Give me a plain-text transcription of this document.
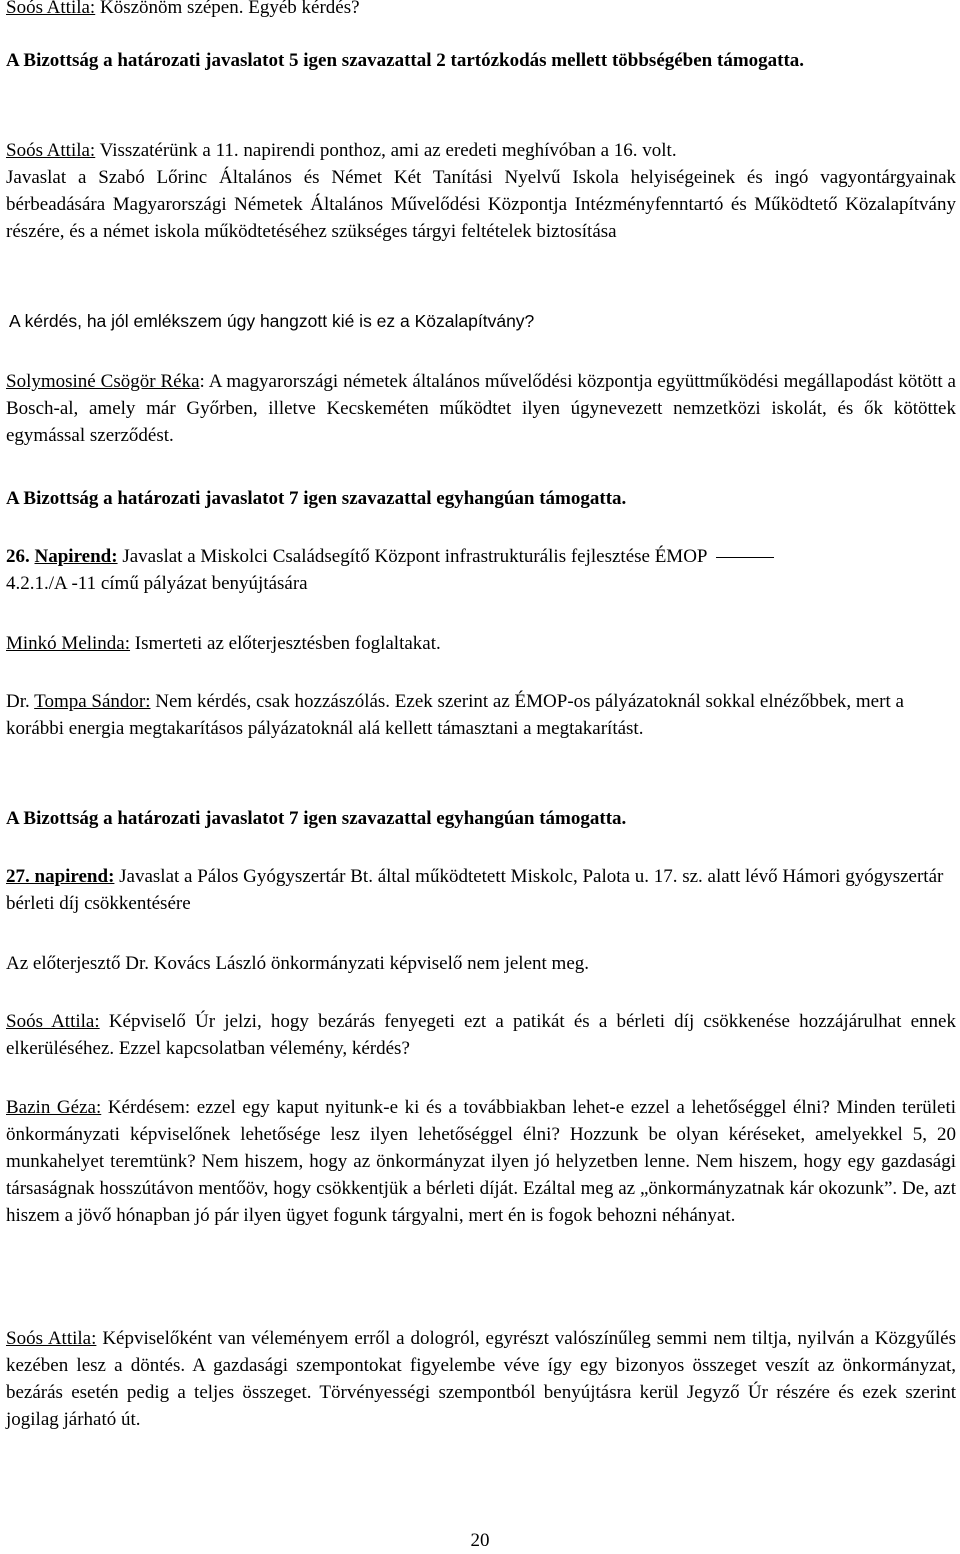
Soós Attila: Köszönöm szépen. Egyéb kérdés?

A Bizottság a határozati javaslatot 5 igen szavazattal 2 tartózkodás mellett többségében támogatta.

Soós Attila: Visszatérünk a 11. napirendi ponthoz, ami az eredeti meghívóban a 16. volt.

Javaslat a Szabó Lőrinc Általános és Német Két Tanítási Nyelvű Iskola helyiségeinek és ingó vagyontárgyainak bérbeadására Magyarországi Németek Általános Művelődési Központja Intézményfenntartó és Működtető Közalapítvány részére, és a német iskola működtetéséhez szükséges tárgyi feltételek biztosítása

A kérdés, ha jól emlékszem úgy hangzott kié is ez a Közalapítvány?

Solymosiné Csögör Réka: A magyarországi németek általános művelődési központja együttműködési megállapodást kötött a Bosch-al, amely már Győrben, illetve Kecskeméten működtet ilyen úgynevezett nemzetközi iskolát, és ők kötöttek egymással szerződést.

A Bizottság a határozati javaslatot 7 igen szavazattal egyhangúan támogatta.

26. Napirend: Javaslat a Miskolci Családsegítő Központ infrastrukturális fejlesztése ÉMOP
4.2.1./A -11 című pályázat benyújtására

Minkó Melinda: Ismerteti az előterjesztésben foglaltakat.

Dr. Tompa Sándor: Nem kérdés, csak hozzászólás. Ezek szerint az ÉMOP-os pályázatoknál sokkal elnézőbbek, mert a korábbi energia megtakarításos pályázatoknál alá kellett támasztani a megtakarítást.

A Bizottság a határozati javaslatot 7 igen szavazattal egyhangúan támogatta.

27. napirend: Javaslat a Pálos Gyógyszertár Bt. által működtetett Miskolc, Palota u. 17. sz. alatt lévő Hámori gyógyszertár bérleti díj csökkentésére

Az előterjesztő Dr. Kovács László önkormányzati képviselő nem jelent meg.

Soós Attila: Képviselő Úr jelzi, hogy bezárás fenyegeti ezt a patikát és a bérleti díj csökkenése hozzájárulhat ennek elkerüléséhez. Ezzel kapcsolatban vélemény, kérdés?

Bazin Géza: Kérdésem: ezzel egy kaput nyitunk-e ki és a továbbiakban lehet-e ezzel a lehetőséggel élni? Minden területi önkormányzati képviselőnek lehetősége lesz ilyen lehetőséggel élni? Hozzunk be olyan kéréseket, amelyekkel 5, 20 munkahelyet teremtünk? Nem hiszem, hogy az önkormányzat ilyen jó helyzetben lenne. Nem hiszem, hogy egy gazdasági társaságnak hosszútávon mentőöv, hogy csökkentjük a bérleti díját. Ezáltal meg az „önkormányzatnak kár okozunk”. De, azt hiszem a jövő hónapban jó pár ilyen ügyet fogunk tárgyalni, mert én is fogok behozni néhányat.

Soós Attila: Képviselőként van véleményem erről a dologról, egyrészt valószínűleg semmi nem tiltja, nyilván a Közgyűlés kezében lesz a döntés. A gazdasági szempontokat figyelembe véve így egy bizonyos összeget veszít az önkormányzat, bezárás esetén pedig a teljes összeget. Törvényességi szempontból benyújtásra kerül Jegyző Úr részére és ezek szerint jogilag járható út.

20
